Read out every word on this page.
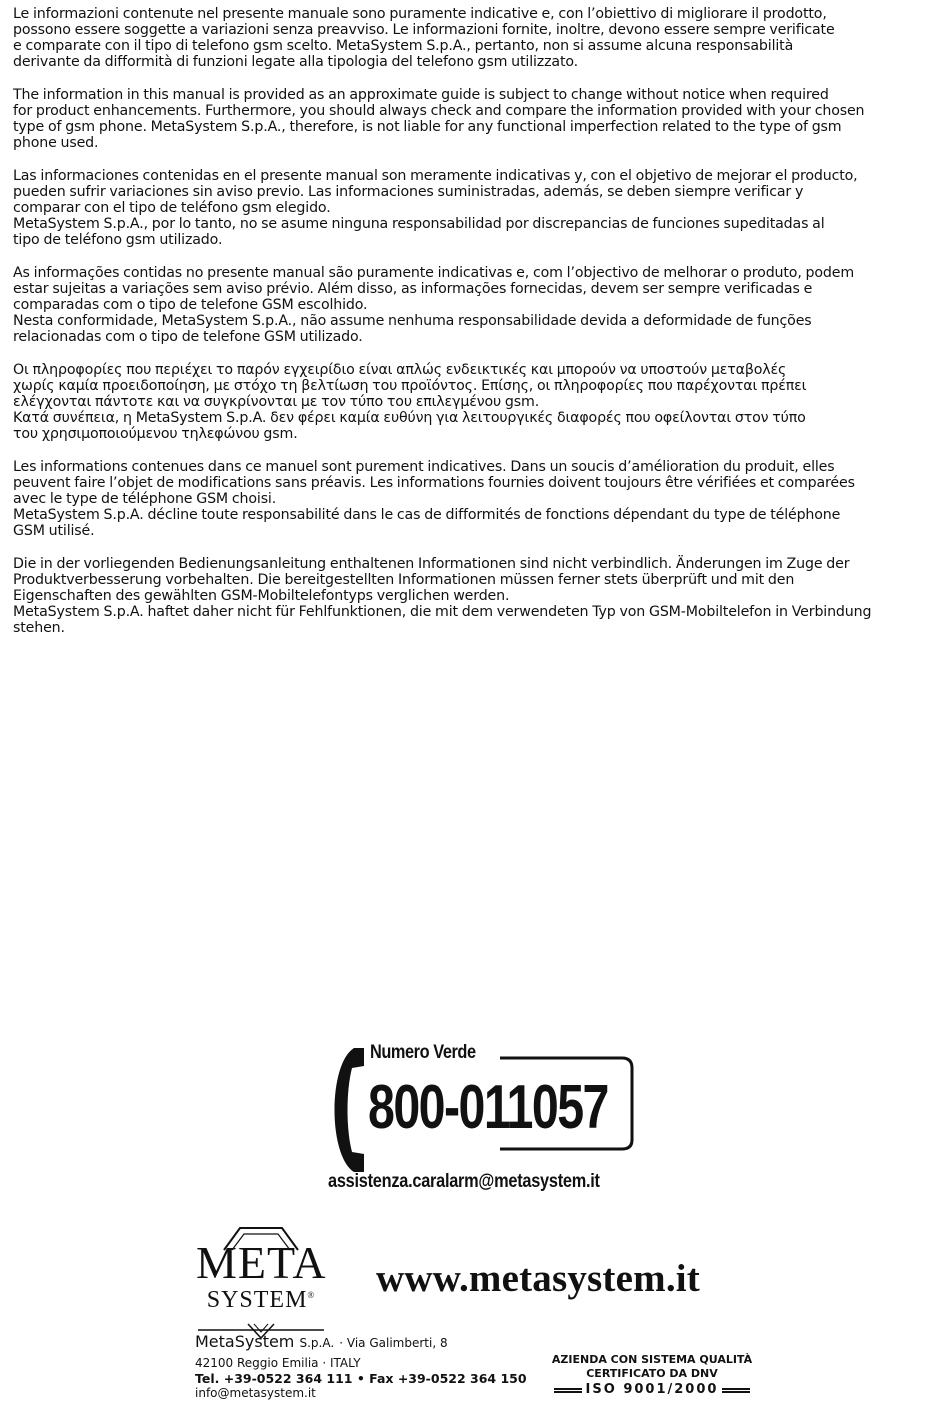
Le informazioni contenute nel presente manuale sono puramente indicative e, con l’obiettivo di migliorare il prodotto,
possono essere soggette a variazioni senza preavviso. Le informazioni fornite, inoltre, devono essere sempre verificate
e comparate con il tipo di telefono gsm scelto. MetaSystem S.p.A., pertanto, non si assume alcuna responsabilità
derivante da difformità di funzioni legate alla tipologia del telefono gsm utilizzato.

The information in this manual is provided as an approximate guide is subject to change without notice when required
for product enhancements. Furthermore, you should always check and compare the information provided with your chosen
type of gsm phone. MetaSystem S.p.A., therefore, is not liable for any functional imperfection related to the type of gsm
phone used.

Las informaciones contenidas en el presente manual son meramente indicativas y, con el objetivo de mejorar el producto,
pueden sufrir variaciones sin aviso previo. Las informaciones suministradas, además, se deben siempre verificar y
comparar con el tipo de teléfono gsm elegido.
MetaSystem S.p.A., por lo tanto, no se asume ninguna responsabilidad por discrepancias de funciones supeditadas al
tipo de teléfono gsm utilizado.

As informações contidas no presente manual são puramente indicativas e, com l’objectivo de melhorar o produto, podem
estar sujeitas a variações sem aviso prévio. Além disso, as informações fornecidas, devem ser sempre verificadas e
comparadas com o tipo de telefone GSM escolhido.
Nesta conformidade, MetaSystem S.p.A., não assume nenhuma responsabilidade devida a deformidade de funções
relacionadas com o tipo de telefone GSM utilizado.

Οι πληροφορίες που περιέχει το παρόν εγχειρίδιο είναι απλώς ενδεικτικές και μπορούν να υποστούν μεταβολές
χωρίς καμία προειδοποίηση, με στόχο τη βελτίωση του προϊόντος. Επίσης, οι πληροφορίες που παρέχονται πρέπει
ελέγχονται πάντοτε και να συγκρίνονται με τον τύπο του επιλεγμένου gsm.
Κατά συνέπεια, η MetaSystem S.p.A. δεν φέρει καμία ευθύνη για λειτουργικές διαφορές που οφείλονται στον τύπο
του χρησιμοποιούμενου τηλεφώνου gsm.

Les informations contenues dans ce manuel sont purement indicatives. Dans un soucis d’amélioration du produit, elles
peuvent faire l’objet de modifications sans préavis. Les informations fournies doivent toujours être vérifiées et comparées
avec le type de téléphone GSM choisi.
MetaSystem S.p.A. décline toute responsabilité dans le cas de difformités de fonctions dépendant du type de téléphone
GSM utilisé.

Die in der vorliegenden Bedienungsanleitung enthaltenen Informationen sind nicht verbindlich. Änderungen im Zuge der
Produktverbesserung vorbehalten. Die bereitgestellten Informationen müssen ferner stets überprüft und mit den
Eigenschaften des gewählten GSM-Mobiltelefontyps verglichen werden.
MetaSystem S.p.A. haftet daher nicht für Fehlfunktionen, die mit dem verwendeten Typ von GSM-Mobiltelefon in Verbindung
stehen.

Numero Verde
800-011057
assistenza.caralarm@metasystem.it
META
SYSTEM® www.metasystem.it
MetaSystem S.p.A. · Via Galimberti, 8
42100 Reggio Emilia · ITALY
Tel. +39-0522 364 111 • Fax +39-0522 364 150
info@metasystem.it
AZIENDA CON SISTEMA QUALITÀ
CERTIFICATO DA DNV
ISO 9001/2000
